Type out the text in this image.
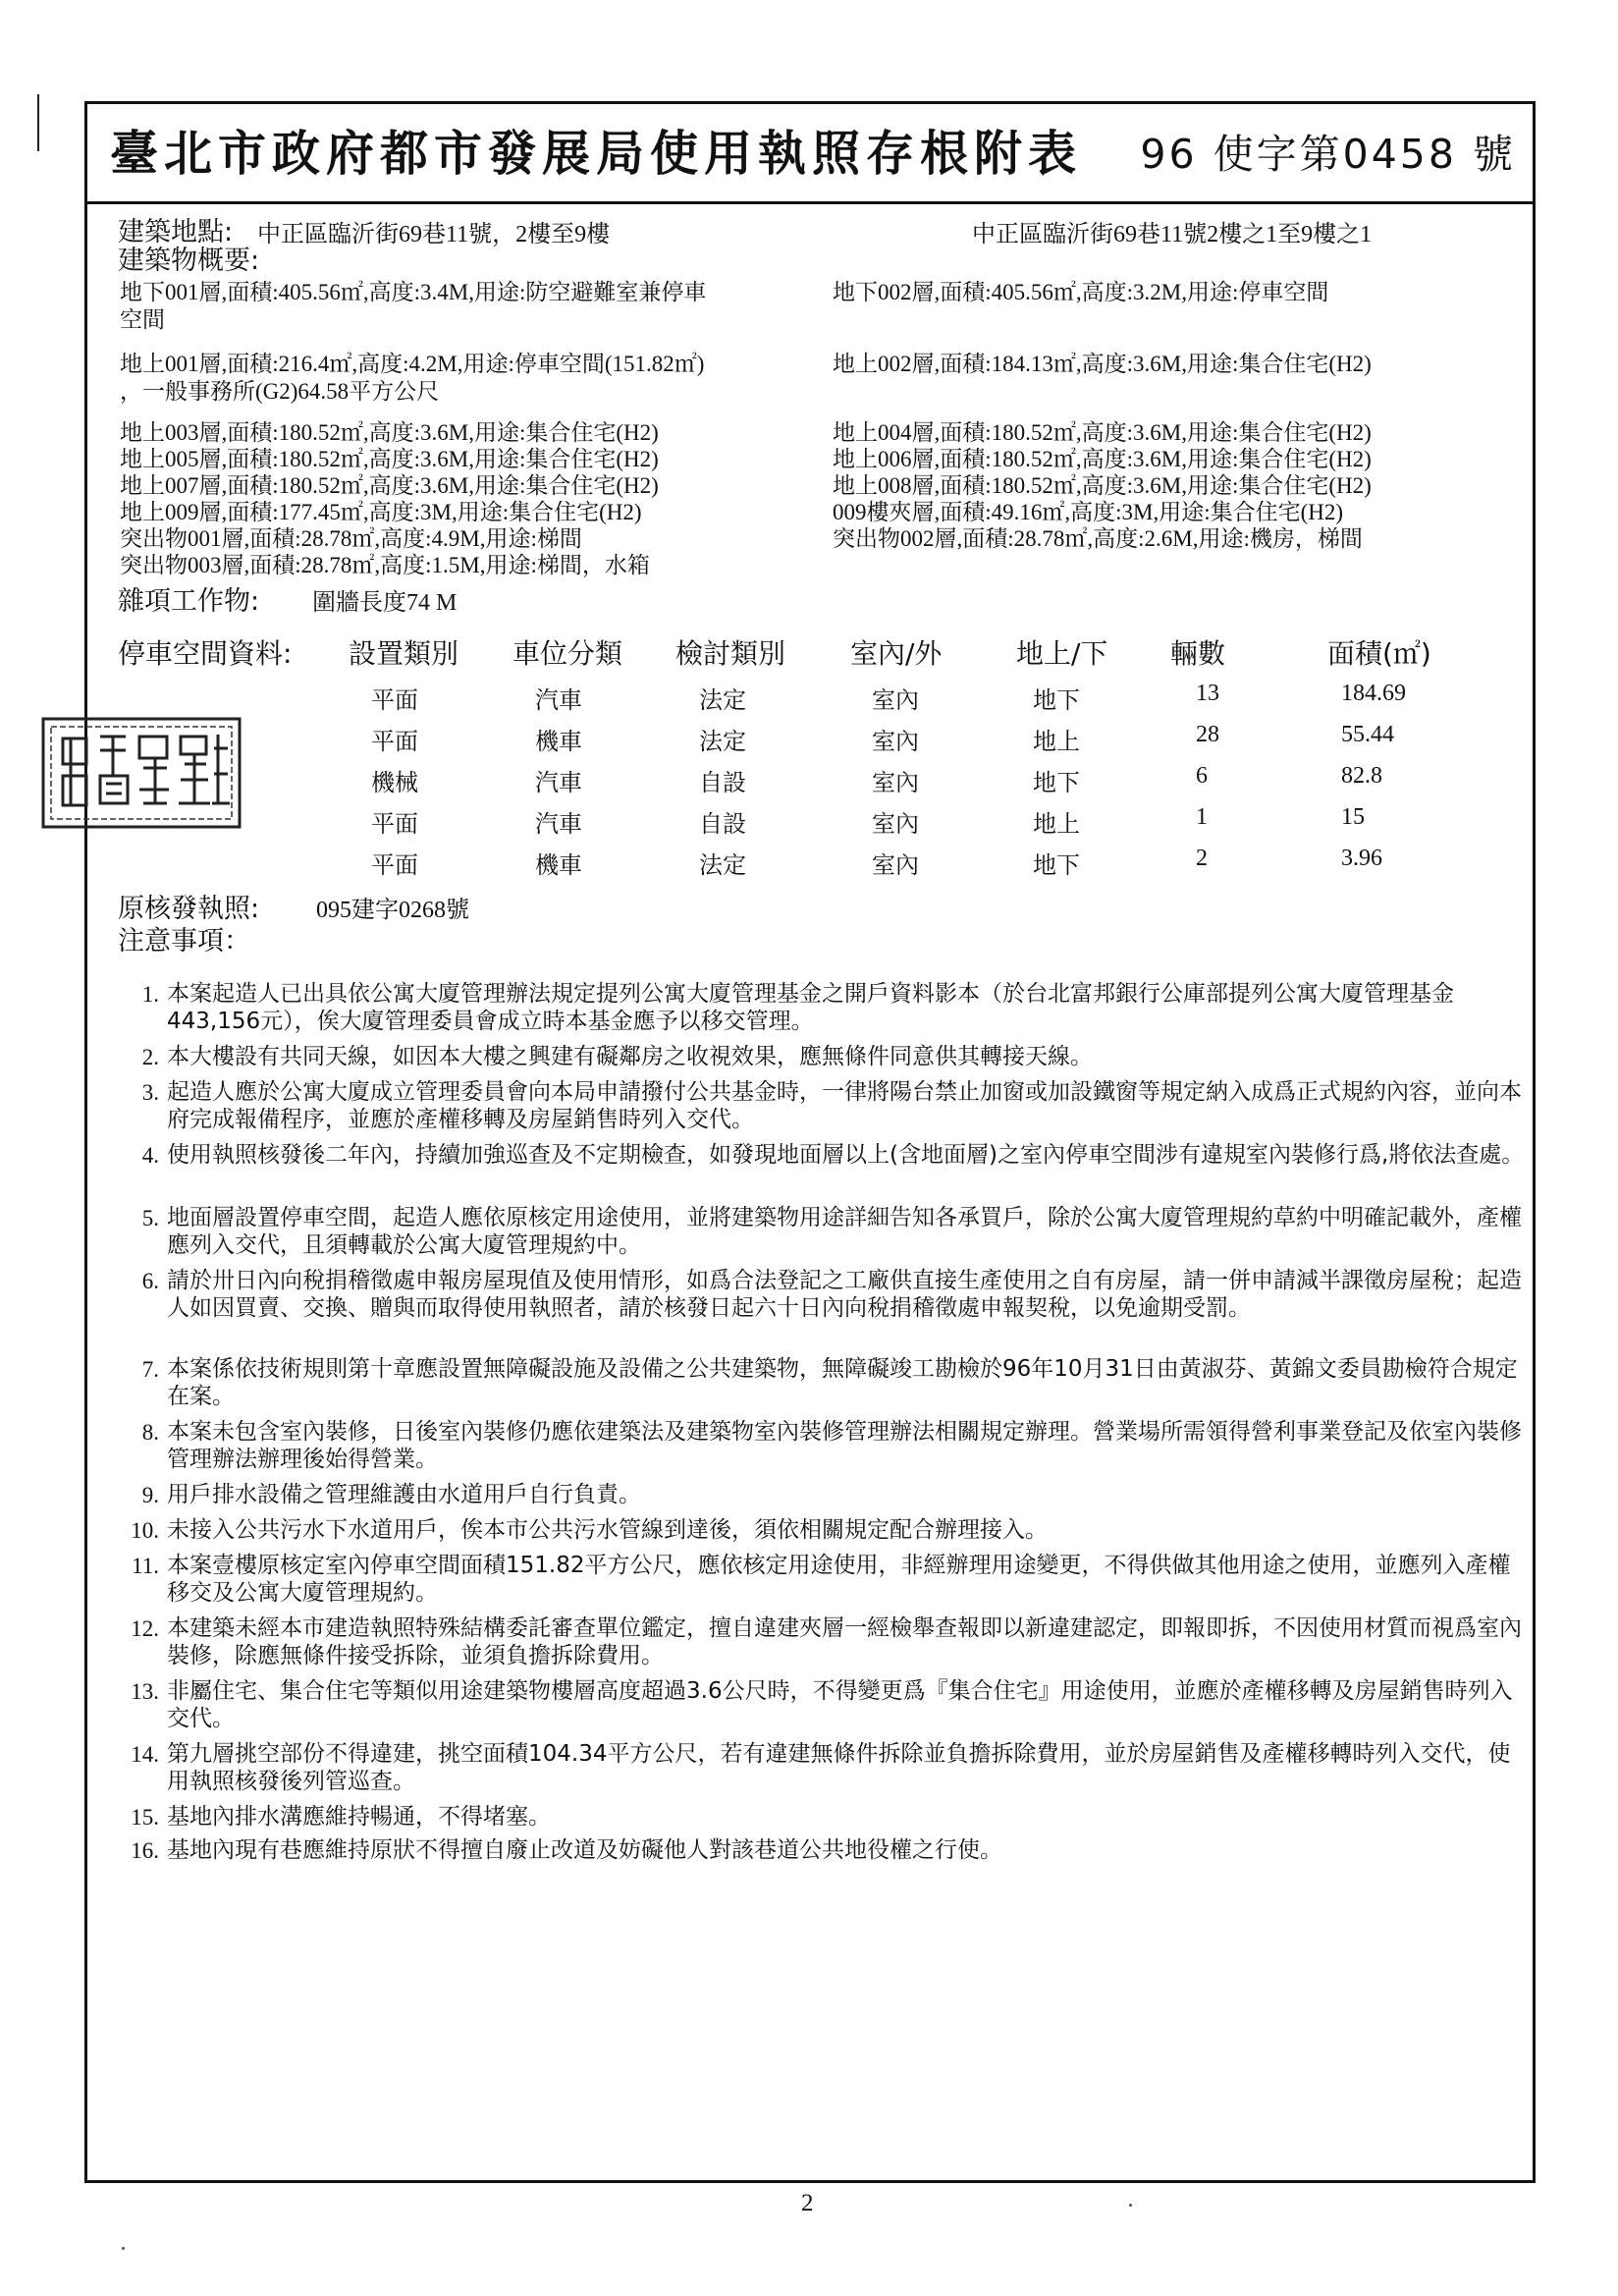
臺北市政府都市發展局使用執照存根附表 96 使字第0458 號
建築地點: 中正區臨沂街69巷11號，2樓至9樓	中正區臨沂街69巷11號2樓之1至9樓之1
建築物概要:
地下001層,面積:405.56㎡,高度:3.4M,用途:防空避難室兼停車
空間
地下002層,面積:405.56㎡,高度:3.2M,用途:停車空間
地上001層,面積:216.4㎡,高度:4.2M,用途:停車空間(151.82㎡)
，一般事務所(G2)64.58平方公尺
地上002層,面積:184.13㎡,高度:3.6M,用途:集合住宅(H2)
地上003層,面積:180.52㎡,高度:3.6M,用途:集合住宅(H2)	地上004層,面積:180.52㎡,高度:3.6M,用途:集合住宅(H2)
地上005層,面積:180.52㎡,高度:3.6M,用途:集合住宅(H2)	地上006層,面積:180.52㎡,高度:3.6M,用途:集合住宅(H2)
地上007層,面積:180.52㎡,高度:3.6M,用途:集合住宅(H2)	地上008層,面積:180.52㎡,高度:3.6M,用途:集合住宅(H2)
地上009層,面積:177.45㎡,高度:3M,用途:集合住宅(H2)	009樓夾層,面積:49.16㎡,高度:3M,用途:集合住宅(H2)
突出物001層,面積:28.78㎡,高度:4.9M,用途:梯間	突出物002層,面積:28.78㎡,高度:2.6M,用途:機房，梯間
突出物003層,面積:28.78㎡,高度:1.5M,用途:梯間，水箱
雜項工作物: 圍牆長度74 M
停車空間資料: 設置類別 車位分類 檢討類別 室內/外	地上/下 輛數	面積(㎡)
平面	汽車	法定	室內	地下	13	184.69
平面	機車	法定	室內	地上	28	55.44
機械	汽車	自設	室內	地下	6	82.8
平面	汽車	自設	室內	地上	1	15
平面	機車	法定	室內	地下	2	3.96
原核發執照: 095建字0268號
注意事項：
1. 本案起造人已出具依公寓大廈管理辦法規定提列公寓大廈管理基金之開戶資料影本（於台北富邦銀行公庫部提列公寓大廈管理基金443,156元），俟大廈管理委員會成立時本基金應予以移交管理。
2. 本大樓設有共同天線，如因本大樓之興建有礙鄰房之收視效果，應無條件同意供其轉接天線。
3. 起造人應於公寓大廈成立管理委員會向本局申請撥付公共基金時，一律將陽台禁止加窗或加設鐵窗等規定納入成爲正式規約內容，並向本府完成報備程序，並應於產權移轉及房屋銷售時列入交代。
4. 使用執照核發後二年內，持續加強巡查及不定期檢查，如發現地面層以上(含地面層)之室內停車空間涉有違規室內裝修行爲,將依法查處。
5. 地面層設置停車空間，起造人應依原核定用途使用，並將建築物用途詳細告知各承買戶，除於公寓大廈管理規約草約中明確記載外，產權應列入交代，且須轉載於公寓大廈管理規約中。
6. 請於卅日內向稅捐稽徵處申報房屋現值及使用情形，如爲合法登記之工廠供直接生產使用之自有房屋，請一併申請減半課徵房屋稅；起造人如因買賣、交換、贈與而取得使用執照者，請於核發日起六十日內向稅捐稽徵處申報契稅，以免逾期受罰。
7. 本案係依技術規則第十章應設置無障礙設施及設備之公共建築物，無障礙竣工勘檢於96年10月31日由黃淑芬、黃錦文委員勘檢符合規定在案。
8. 本案未包含室內裝修，日後室內裝修仍應依建築法及建築物室內裝修管理辦法相關規定辦理。營業場所需領得營利事業登記及依室內裝修管理辦法辦理後始得營業。
9. 用戶排水設備之管理維護由水道用戶自行負責。
10. 未接入公共污水下水道用戶，俟本市公共污水管線到達後，須依相關規定配合辦理接入。
11. 本案壹樓原核定室內停車空間面積151.82平方公尺，應依核定用途使用，非經辦理用途變更，不得供做其他用途之使用，並應列入產權移交及公寓大廈管理規約。
12. 本建築未經本市建造執照特殊結構委託審查單位鑑定，擅自違建夾層一經檢舉查報即以新違建認定，即報即拆，不因使用材質而視爲室內裝修，除應無條件接受拆除，並須負擔拆除費用。
13. 非屬住宅、集合住宅等類似用途建築物樓層高度超過3.6公尺時，不得變更爲『集合住宅』用途使用，並應於產權移轉及房屋銷售時列入交代。
14. 第九層挑空部份不得違建，挑空面積104.34平方公尺，若有違建無條件拆除並負擔拆除費用，並於房屋銷售及產權移轉時列入交代，使用執照核發後列管巡查。
15. 基地內排水溝應維持暢通，不得堵塞。
16. 基地內現有巷應維持原狀不得擅自廢止改道及妨礙他人對該巷道公共地役權之行使。
2
